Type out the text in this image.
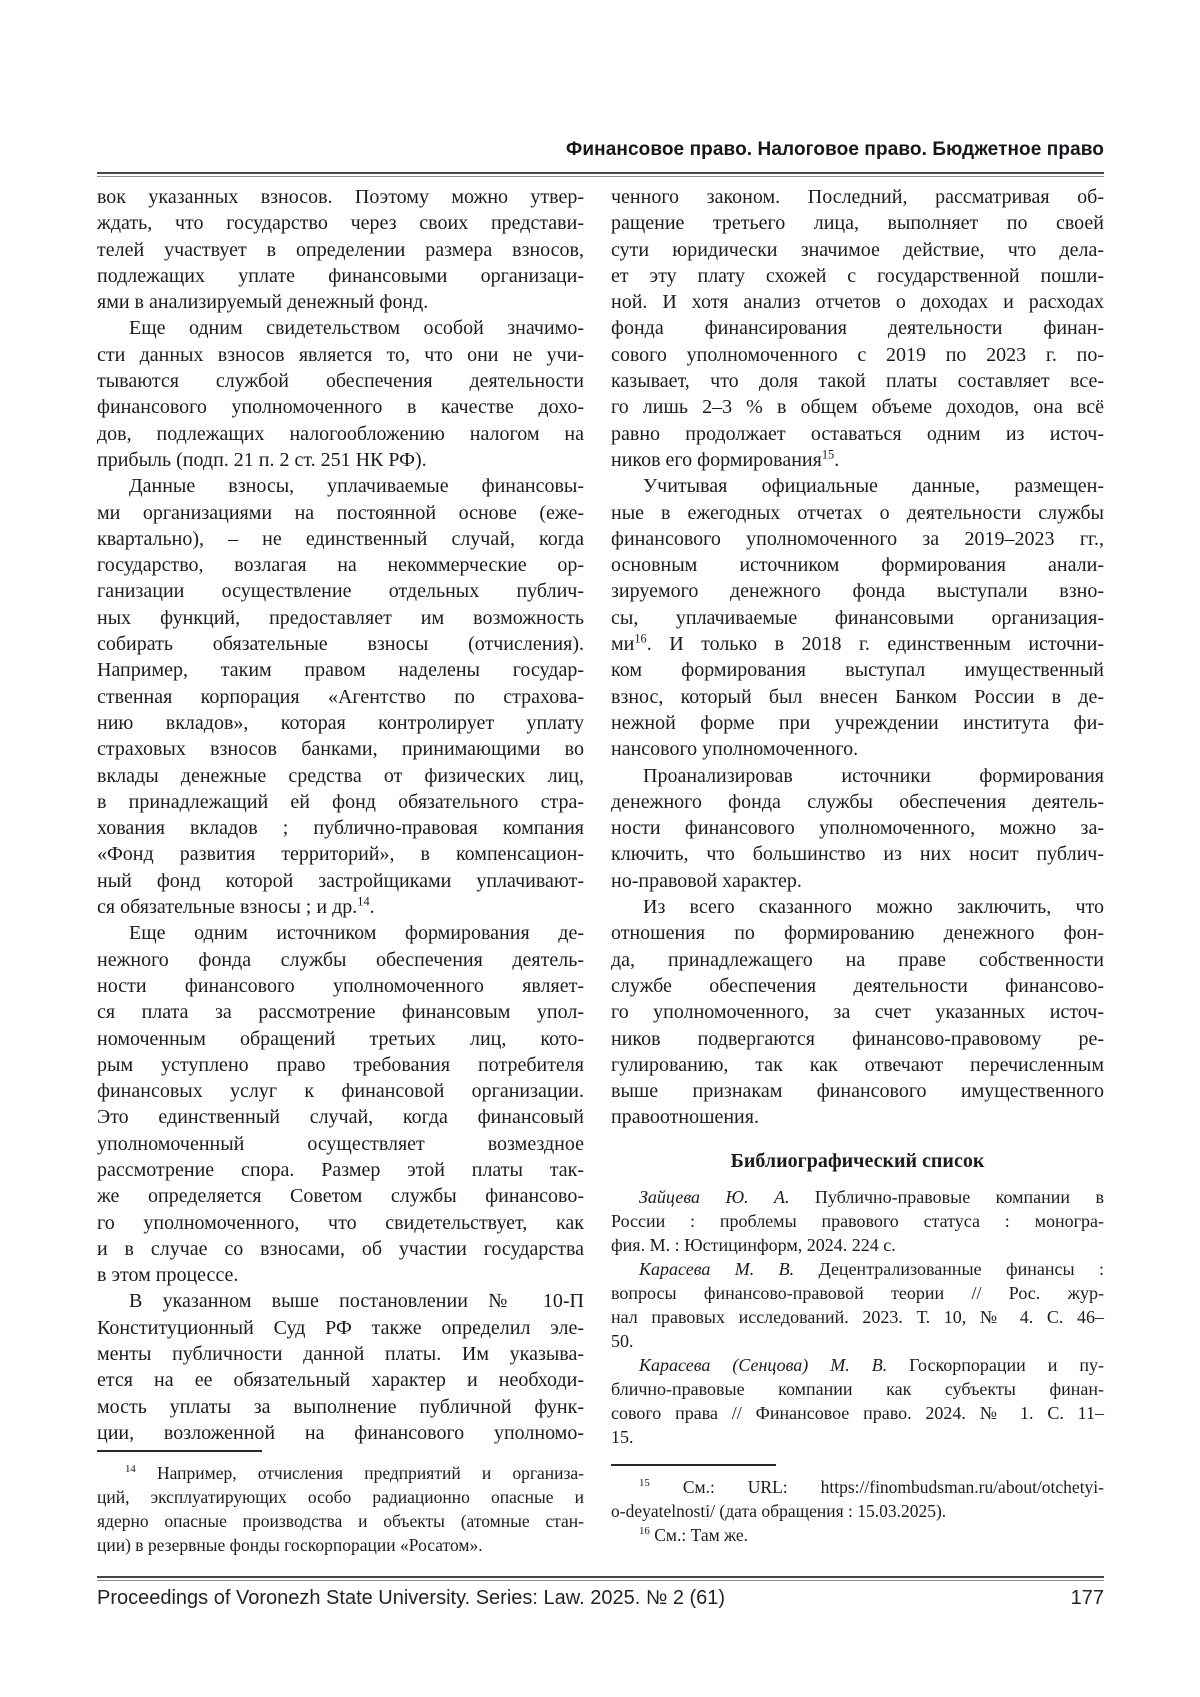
Финансовое право. Налоговое право. Бюджетное право
вок указанных взносов. Поэтому можно утвер-
ждать, что государство через своих представи-
телей участвует в определении размера взносов,
подлежащих уплате финансовыми организаци-
ями в анализируемый денежный фонд.
Еще одним свидетельством особой значимо-
сти данных взносов является то, что они не учи-
тываются службой обеспечения деятельности
финансового уполномоченного в качестве дохо-
дов, подлежащих налогообложению налогом на
прибыль (подп. 21 п. 2 ст. 251 НК РФ).
Данные взносы, уплачиваемые финансовы-
ми организациями на постоянной основе (еже-
квартально), – не единственный случай, когда
государство, возлагая на некоммерческие ор-
ганизации осуществление отдельных публич-
ных функций, предоставляет им возможность
собирать обязательные взносы (отчисления).
Например, таким правом наделены государ-
ственная корпорация «Агентство по страхова-
нию вкладов», которая контролирует уплату
страховых взносов банками, принимающими во
вклады денежные средства от физических лиц,
в принадлежащий ей фонд обязательного стра-
хования вкладов ; публично-правовая компания
«Фонд развития территорий», в компенсацион-
ный фонд которой застройщиками уплачивают-
ся обязательные взносы ; и др.$^{14}$.
Еще одним источником формирования де-
нежного фонда службы обеспечения деятель-
ности финансового уполномоченного являет-
ся плата за рассмотрение финансовым упол-
номоченным обращений третьих лиц, кото-
рым уступлено право требования потребителя
финансовых услуг к финансовой организации.
Это единственный случай, когда финансовый
уполномоченный осуществляет возмездное
рассмотрение спора. Размер этой платы так-
же определяется Советом службы финансово-
го уполномоченного, что свидетельствует, как
и в случае со взносами, об участии государства
в этом процессе.
В указанном выше постановлении № 10-П
Конституционный Суд РФ также определил эле-
менты публичности данной платы. Им указыва-
ется на ее обязательный характер и необходи-
мость уплаты за выполнение публичной функ-
ции, возложенной на финансового уполномо-
ченного законом. Последний, рассматривая об-
ращение третьего лица, выполняет по своей
сути юридически значимое действие, что дела-
ет эту плату схожей с государственной пошли-
ной. И хотя анализ отчетов о доходах и расходах
фонда финансирования деятельности финан-
сового уполномоченного с 2019 по 2023 г. по-
казывает, что доля такой платы составляет все-
го лишь 2–3 % в общем объеме доходов, она всё
равно продолжает оставаться одним из источ-
ников его формирования$^{15}$.
Учитывая официальные данные, размещен-
ные в ежегодных отчетах о деятельности службы
финансового уполномоченного за 2019–2023 гг.,
основным источником формирования анали-
зируемого денежного фонда выступали взно-
сы, уплачиваемые финансовыми организация-
$ми^{16}$. И только в 2018 г. единственным источни-
ком формирования выступал имущественный
взнос, который был внесен Банком России в де-
нежной форме при учреждении института фи-
нансового уполномоченного.
Проанализировав источники формирования
денежного фонда службы обеспечения деятель-
ности финансового уполномоченного, можно за-
ключить, что большинство из них носит публич-
но-правовой характер.
Из всего сказанного можно заключить, что
отношения по формированию денежного фон-
да, принадлежащего на праве собственности
службе обеспечения деятельности финансово-
го уполномоченного, за счет указанных источ-
ников подвергаются финансово-правовому ре-
гулированию, так как отвечают перечисленным
выше признакам финансового имущественного
правоотношения.
Библиографический список
Зайцева Ю. А. Публично-правовые компании в
России : проблемы правового статуса : моногра-
фия. М. : Юстицинформ, 2024. 224 с.
Карасева М. В. Децентрализованные финансы :
вопросы финансово-правовой теории // Рос. жур-
нал правовых исследований. 2023. Т. 10, № 4. С. 46–
50.
Карасева (Сенцова) М. В. Госкорпорации и пу-
блично-правовые компании как субъекты финан-
сового права // Финансовое право. 2024. № 1. С. 11–
15.
$^{14}$ Например, отчисления предприятий и организа-
ций, эксплуатирующих особо радиационно опасные и
ядерно опасные производства и объекты (атомные стан-
ции) в резервные фонды госкорпорации «Росатом».
$^{15}$ См.: URL: https://finombudsman.ru/about/otchetyi-
o-deyatelnosti/ (дата обращения : 15.03.2025).
$^{16}$ См.: Там же.
Proceedings of Voronezh State University. Series: Law. 2025. № 2 (61)	177
